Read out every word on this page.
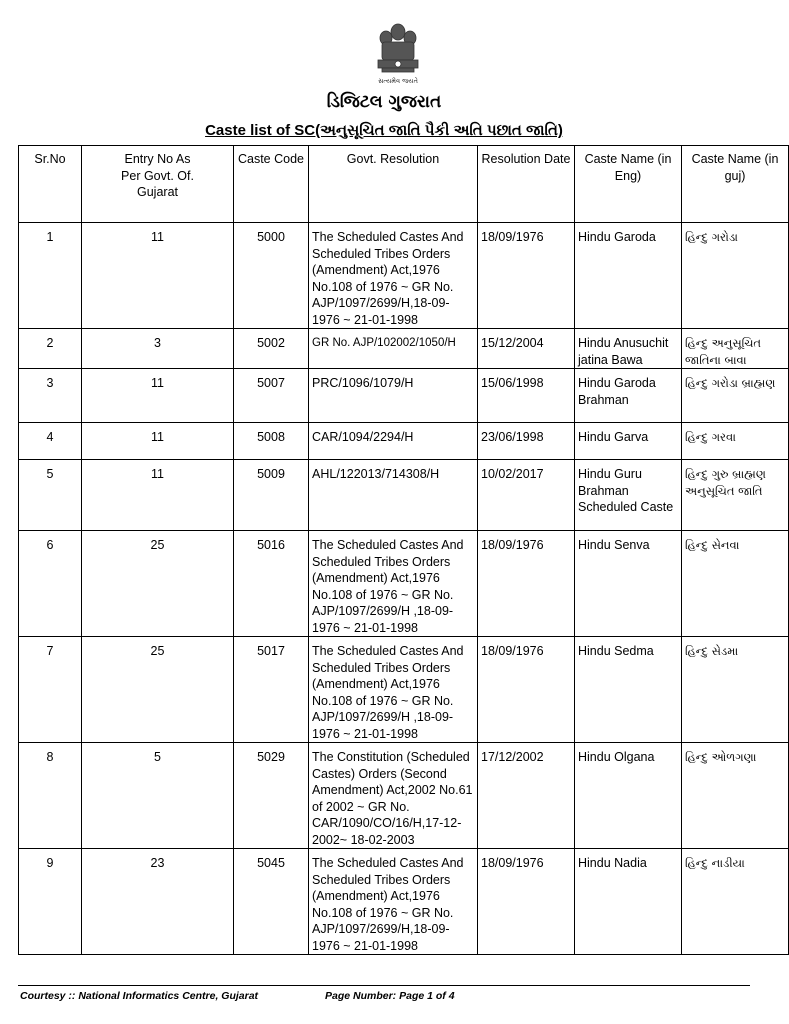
સત્યમેવ જયતે
ડિજિટલ ગુજરાત
Caste list of SC(અનુસૂચિત જાતિ પૈકી અતિ પછાત જાતિ)
Sr.No	Entry No As Per Govt. Of. Gujarat	Caste Code	Govt. Resolution	Resolution Date	Caste Name (in Eng)	Caste Name (in guj)
1	11	5000	The Scheduled Castes And Scheduled Tribes Orders (Amendment) Act,1976 No.108 of 1976 ~ GR No. AJP/1097/2699/H,18-09-1976 ~ 21-01-1998	18/09/1976	Hindu Garoda	હિન્દુ ગરોડા
2	3	5002	GR No. AJP/102002/1050/H	15/12/2004	Hindu Anusuchit jatina Bawa	હિન્દુ અનુસૂચિત જાતિના બાવા
3	11	5007	PRC/1096/1079/H	15/06/1998	Hindu Garoda Brahman	હિન્દુ ગરોડા બ્રાહ્મણ
4	11	5008	CAR/1094/2294/H	23/06/1998	Hindu Garva	હિન્દુ ગરવા
5	11	5009	AHL/122013/714308/H	10/02/2017	Hindu Guru Brahman Scheduled Caste	હિન્દુ ગુરુ બ્રાહ્મણ અનુસૂચિત જાતિ
6	25	5016	The Scheduled Castes And Scheduled Tribes Orders (Amendment) Act,1976 No.108 of 1976 ~ GR No. AJP/1097/2699/H ,18-09-1976 ~ 21-01-1998	18/09/1976	Hindu Senva	હિન્દુ સેનવા
7	25	5017	The Scheduled Castes And Scheduled Tribes Orders (Amendment) Act,1976 No.108 of 1976 ~ GR No. AJP/1097/2699/H ,18-09-1976 ~ 21-01-1998	18/09/1976	Hindu Sedma	હિન્દુ સેડમા
8	5	5029	The Constitution (Scheduled Castes) Orders (Second Amendment) Act,2002 No.61 of 2002 ~ GR No. CAR/1090/CO/16/H,17-12-2002~ 18-02-2003	17/12/2002	Hindu Olgana	હિન્દુ ઓળગણા
9	23	5045	The Scheduled Castes And Scheduled Tribes Orders (Amendment) Act,1976 No.108 of 1976 ~ GR No. AJP/1097/2699/H,18-09-1976 ~ 21-01-1998	18/09/1976	Hindu Nadia	હિન્દુ નાડીયા
Courtesy :: National Informatics Centre, Gujarat	Page Number: Page 1 of 4
